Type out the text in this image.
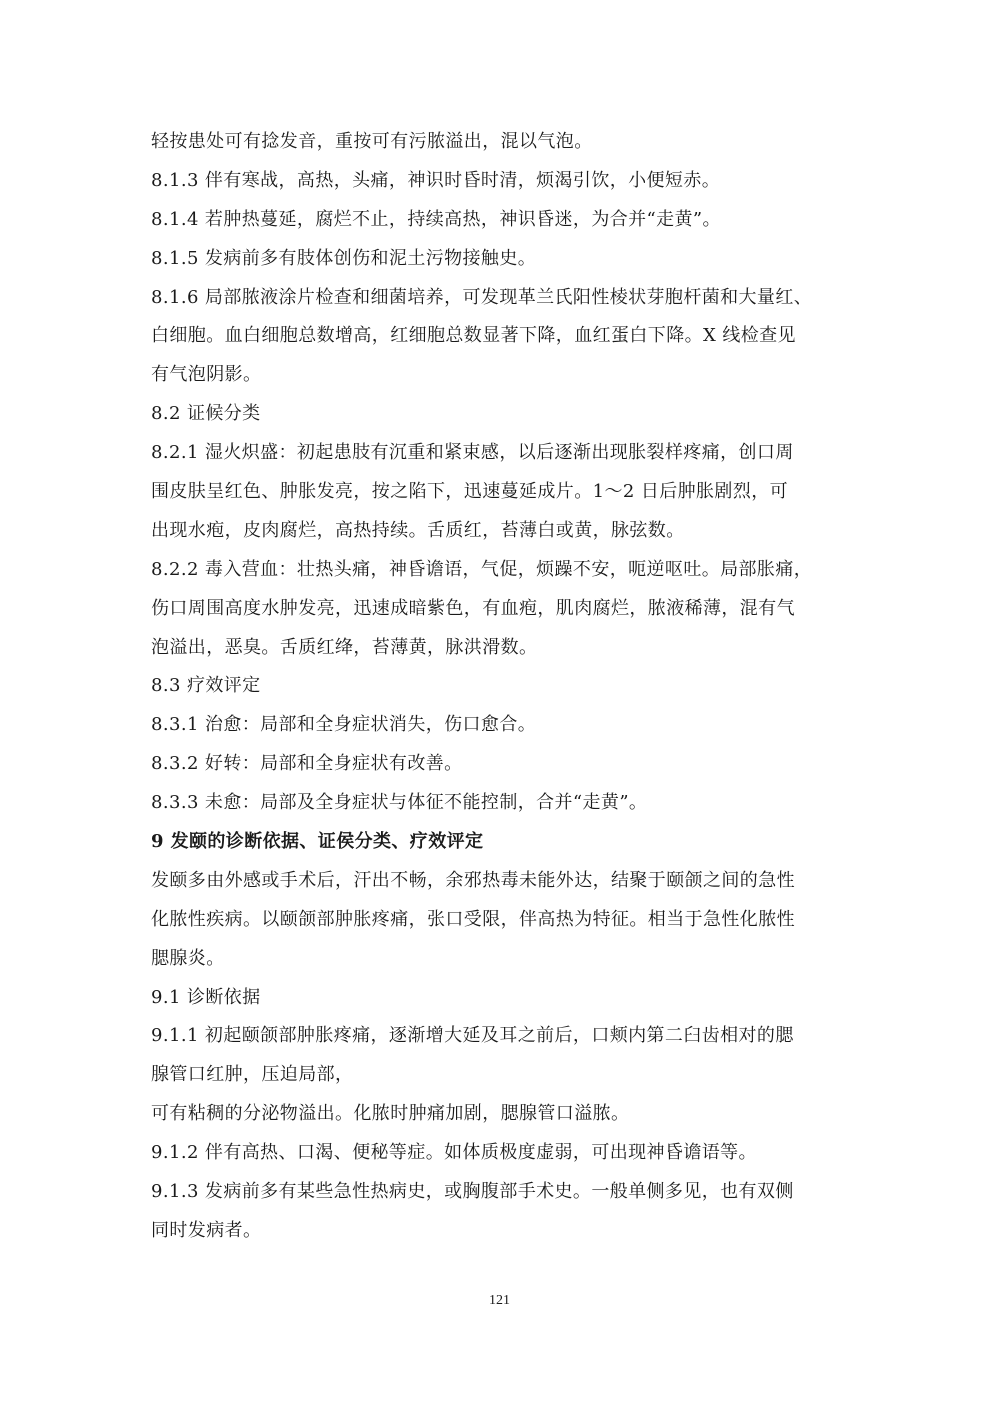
轻按患处可有捻发音，重按可有污脓溢出，混以气泡。
8.1.3 伴有寒战，高热，头痛，神识时昏时清，烦渴引饮，小便短赤。
8.1.4 若肿热蔓延，腐烂不止，持续高热，神识昏迷，为合并“走黄”。
8.1.5 发病前多有肢体创伤和泥土污物接触史。
8.1.6 局部脓液涂片检查和细菌培养，可发现革兰氏阳性棱状芽胞杆菌和大量红、
白细胞。血白细胞总数增高，红细胞总数显著下降，血红蛋白下降。X 线检查见
有气泡阴影。
8.2 证候分类
8.2.1 湿火炽盛：初起患肢有沉重和紧束感，以后逐渐出现胀裂样疼痛，创口周
围皮肤呈红色、肿胀发亮，按之陷下，迅速蔓延成片。1～2 日后肿胀剧烈，可
出现水疱，皮肉腐烂，高热持续。舌质红，苔薄白或黄，脉弦数。
8.2.2 毒入营血：壮热头痛，神昏谵语，气促，烦躁不安，呃逆呕吐。局部胀痛，
伤口周围高度水肿发亮，迅速成暗紫色，有血疱，肌肉腐烂，脓液稀薄，混有气
泡溢出，恶臭。舌质红绛，苔薄黄，脉洪滑数。
8.3 疗效评定
8.3.1 治愈：局部和全身症状消失，伤口愈合。
8.3.2 好转：局部和全身症状有改善。
8.3.3 未愈：局部及全身症状与体征不能控制，合并“走黄”。
9 发颐的诊断依据、证侯分类、疗效评定
发颐多由外感或手术后，汗出不畅，余邪热毒未能外达，结聚于颐颌之间的急性
化脓性疾病。以颐颌部肿胀疼痛，张口受限，伴高热为特征。相当于急性化脓性
腮腺炎。
9.1 诊断依据
9.1.1 初起颐颌部肿胀疼痛，逐渐增大延及耳之前后，口颊内第二臼齿相对的腮
腺管口红肿，压迫局部，
可有粘稠的分泌物溢出。化脓时肿痛加剧，腮腺管口溢脓。
9.1.2 伴有高热、口渴、便秘等症。如体质极度虚弱，可出现神昏谵语等。
9.1.3 发病前多有某些急性热病史，或胸腹部手术史。一般单侧多见，也有双侧
同时发病者。
121
